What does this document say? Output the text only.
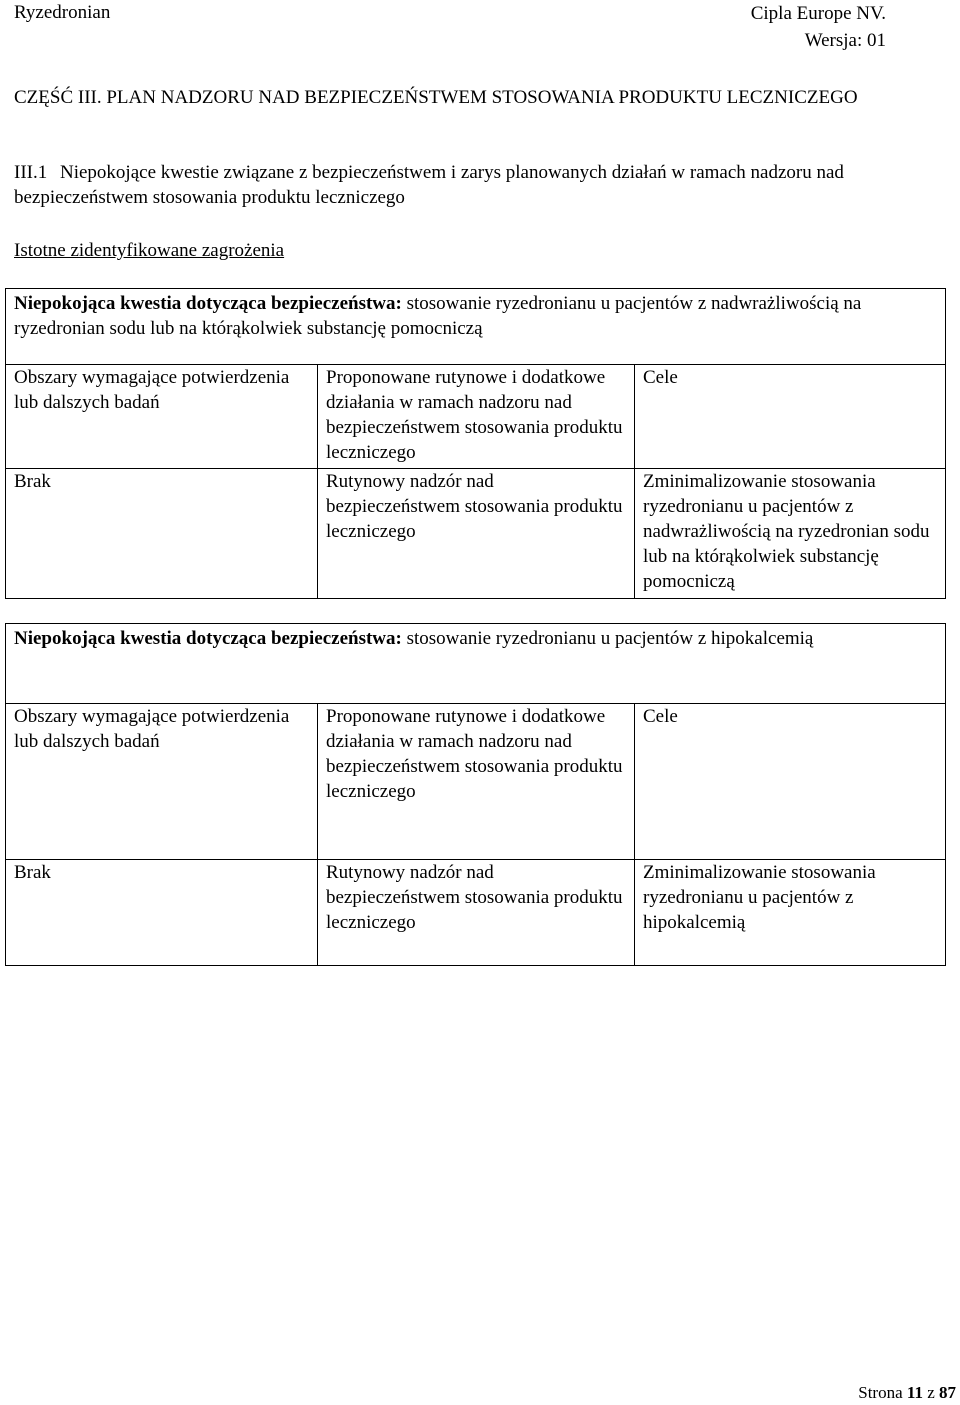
Ryzedronian	Cipla Europe NV.
Wersja: 01
CZĘŚĆ III. PLAN NADZORU NAD BEZPIECZEŃSTWEM STOSOWANIA PRODUKTU LECZNICZEGO
III.1 Niepokojące kwestie związane z bezpieczeństwem i zarys planowanych działań w ramach nadzoru nad bezpieczeństwem stosowania produktu leczniczego
Istotne zidentyfikowane zagrożenia
Niepokojąca kwestia dotycząca bezpieczeństwa: stosowanie ryzedronianu u pacjentów z nadwrażliwością na ryzedronian sodu lub na którąkolwiek substancję pomocniczą		
Obszary wymagające potwierdzenia lub dalszych badań	Proponowane rutynowe i dodatkowe działania w ramach nadzoru nad bezpieczeństwem stosowania produktu leczniczego	Cele
Brak	Rutynowy nadzór nad bezpieczeństwem stosowania produktu leczniczego	Zminimalizowanie stosowania ryzedronianu u pacjentów z nadwrażliwością na ryzedronian sodu lub na którąkolwiek substancję pomocniczą
Niepokojąca kwestia dotycząca bezpieczeństwa: stosowanie ryzedronianu u pacjentów z hipokalcemią		
Obszary wymagające potwierdzenia lub dalszych badań	Proponowane rutynowe i dodatkowe działania w ramach nadzoru nad bezpieczeństwem stosowania produktu leczniczego	Cele
Brak	Rutynowy nadzór nad bezpieczeństwem stosowania produktu leczniczego	Zminimalizowanie stosowania ryzedronianu u pacjentów z hipokalcemią
Strona 11 z 87
